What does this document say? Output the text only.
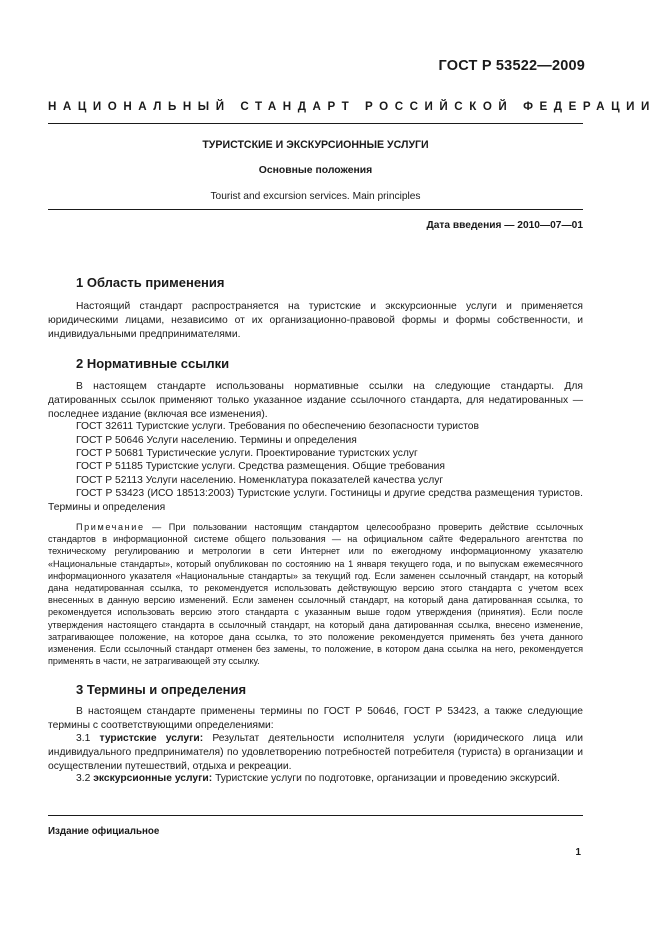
ГОСТ Р 53522—2009
НАЦИОНАЛЬНЫЙ СТАНДАРТ РОССИЙСКОЙ ФЕДЕРАЦИИ
ТУРИСТСКИЕ И ЭКСКУРСИОННЫЕ УСЛУГИ
Основные положения
Tourist and excursion services. Main principles
Дата введения — 2010—07—01
1 Область применения

Настоящий стандарт распространяется на туристские и экскурсионные услуги и применяется юридическими лицами, независимо от их организационно-правовой формы и формы собственности, и индивидуальными предпринимателями.

2 Нормативные ссылки

В настоящем стандарте использованы нормативные ссылки на следующие стандарты. Для датированных ссылок применяют только указанное издание ссылочного стандарта, для недатированных — последнее издание (включая все изменения).

ГОСТ 32611 Туристские услуги. Требования по обеспечению безопасности туристов

ГОСТ Р 50646 Услуги населению. Термины и определения

ГОСТ Р 50681 Туристические услуги. Проектирование туристских услуг

ГОСТ Р 51185 Туристские услуги. Средства размещения. Общие требования

ГОСТ Р 52113 Услуги населению. Номенклатура показателей качества услуг

ГОСТ Р 53423 (ИСО 18513:2003) Туристские услуги. Гостиницы и другие средства размещения туристов. Термины и определения

Примечание — При пользовании настоящим стандартом целесообразно проверить действие ссылочных стандартов в информационной системе общего пользования — на официальном сайте Федерального агентства по техническому регулированию и метрологии в сети Интернет или по ежегодному информационному указателю «Национальные стандарты», который опубликован по состоянию на 1 января текущего года, и по выпускам ежемесячного информационного указателя «Национальные стандарты» за текущий год. Если заменен ссылочный стандарт, на который дана недатированная ссылка, то рекомендуется использовать действующую версию этого стандарта с учетом всех внесенных в данную версию изменений. Если заменен ссылочный стандарт, на который дана датированная ссылка, то рекомендуется использовать версию этого стандарта с указанным выше годом утверждения (принятия). Если после утверждения настоящего стандарта в ссылочный стандарт, на который дана датированная ссылка, внесено изменение, затрагивающее положение, на которое дана ссылка, то это положение рекомендуется применять без учета данного изменения. Если ссылочный стандарт отменен без замены, то положение, в котором дана ссылка на него, рекомендуется применять в части, не затрагивающей эту ссылку.

3 Термины и определения

В настоящем стандарте применены термины по ГОСТ Р 50646, ГОСТ Р 53423, а также следующие термины с соответствующими определениями:

3.1 туристские услуги: Результат деятельности исполнителя услуги (юридического лица или индивидуального предпринимателя) по удовлетворению потребностей потребителя (туриста) в организации и осуществлении путешествий, отдыха и рекреации.

3.2 экскурсионные услуги: Туристские услуги по подготовке, организации и проведению экскурсий.

Издание официальное
1
